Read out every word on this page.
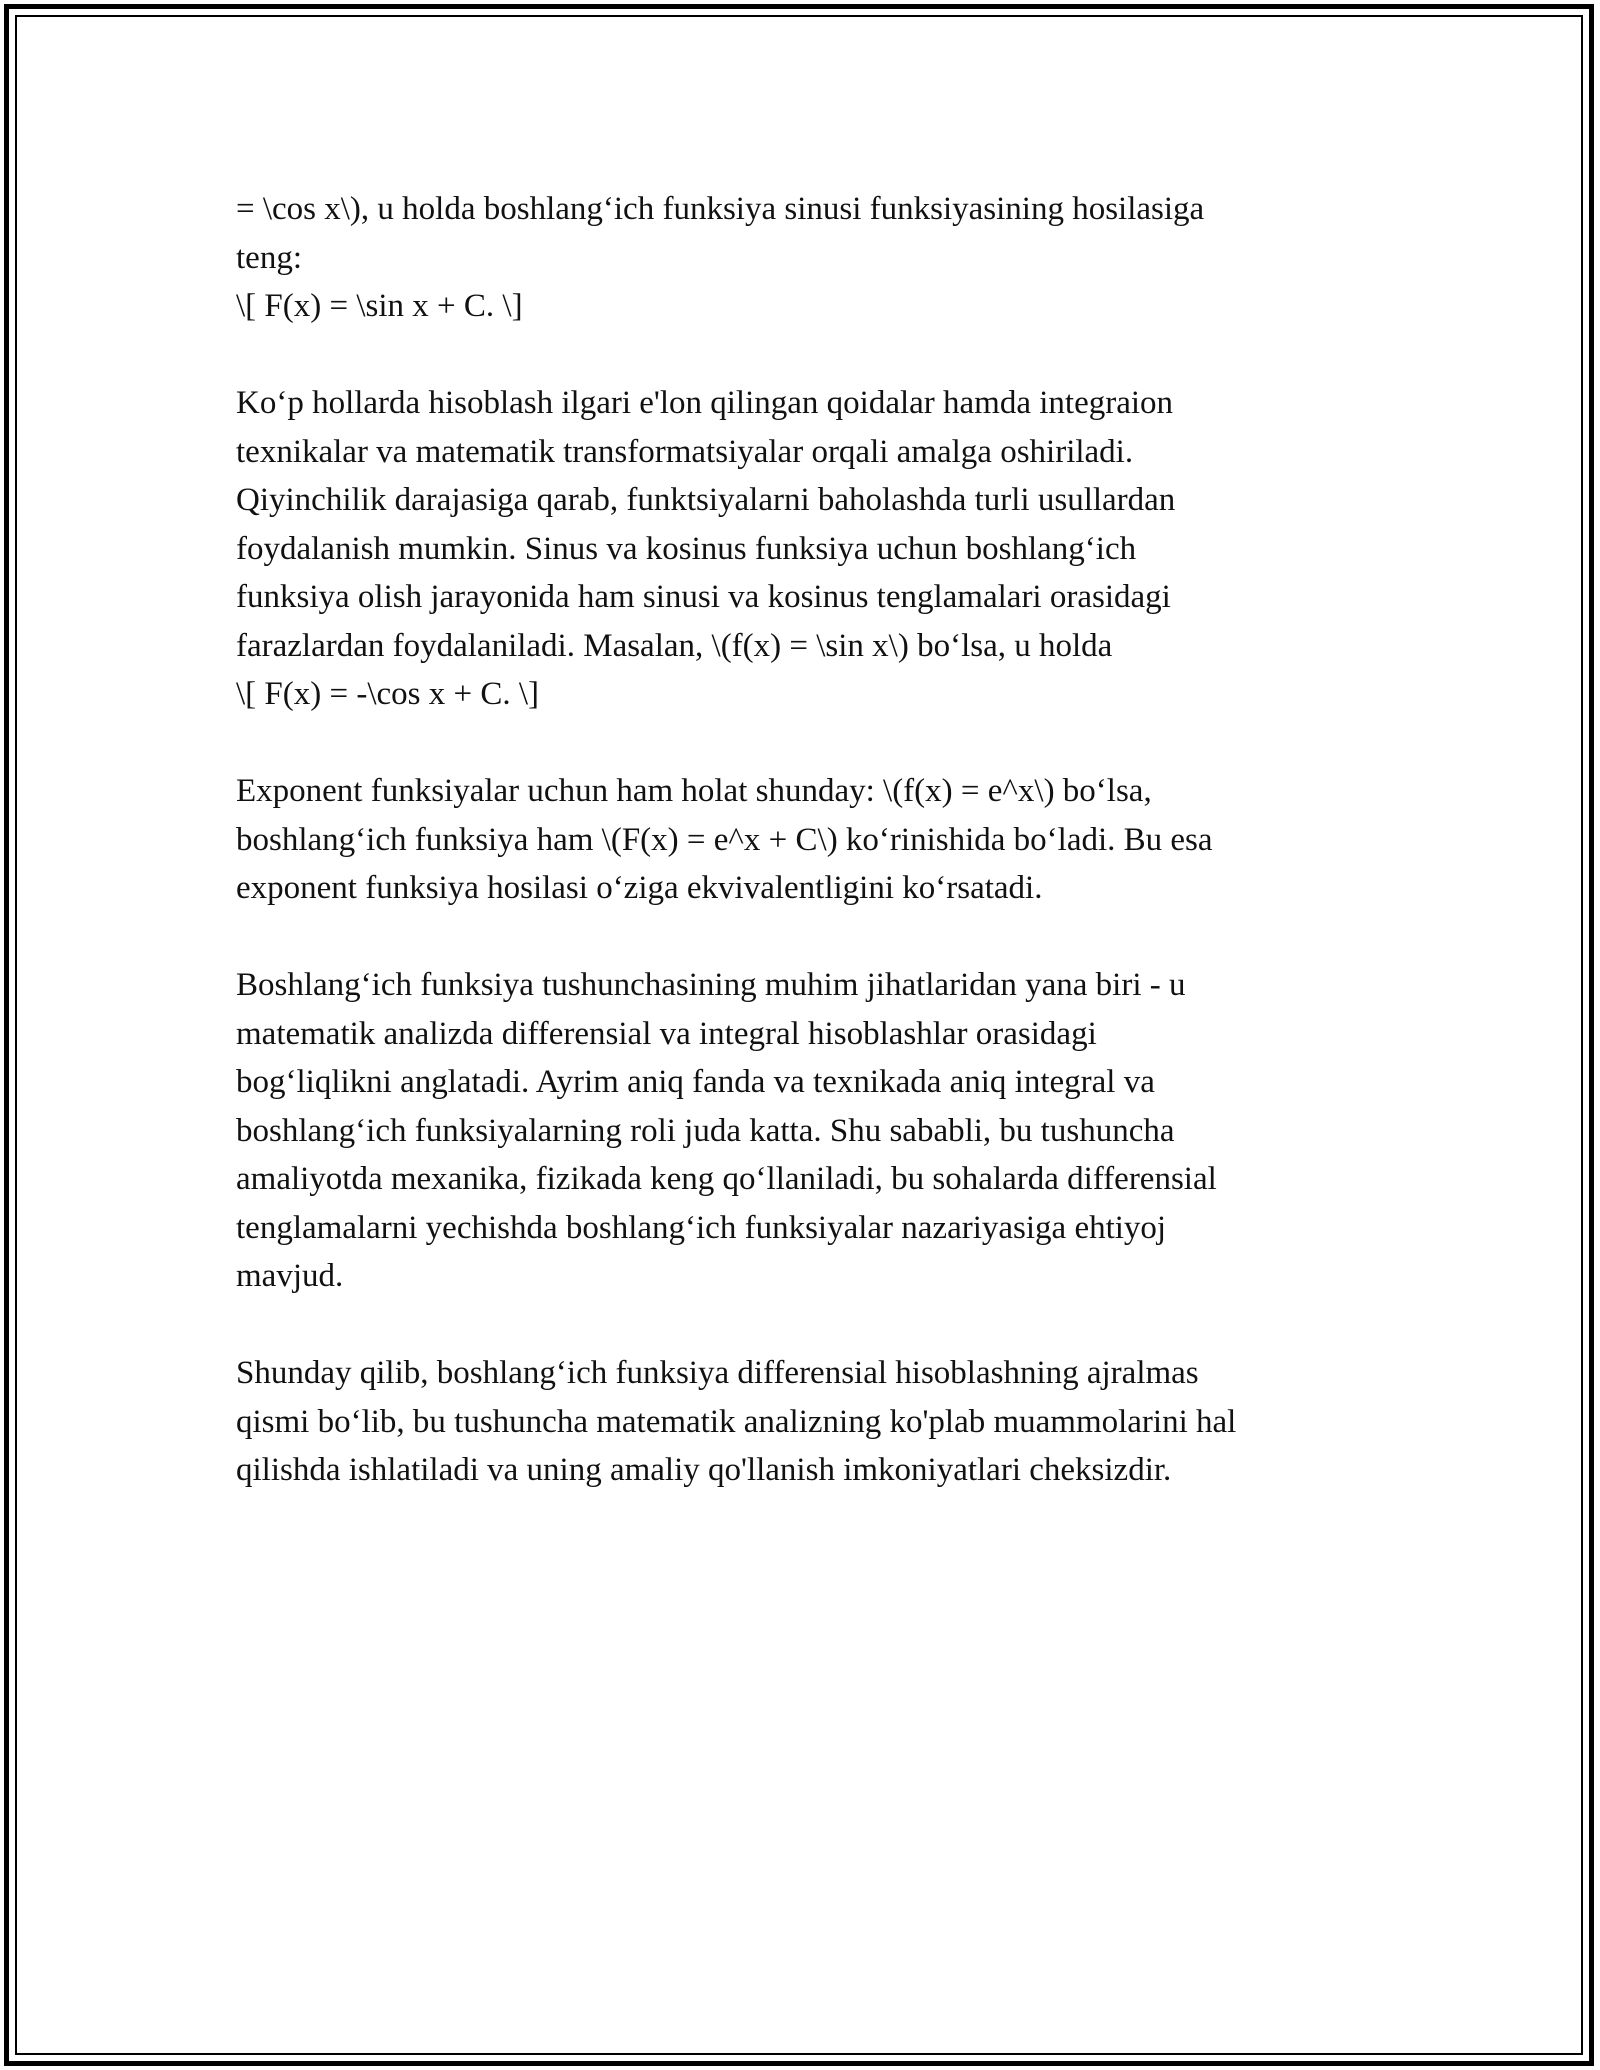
= \cos x\), u holda boshlang‘ich funksiya sinusi funksiyasining hosilasiga
teng:
\[ F(x) = \sin x + C. \]
Ko‘p hollarda hisoblash ilgari e'lon qilingan qoidalar hamda integraion
texnikalar va matematik transformatsiyalar orqali amalga oshiriladi.
Qiyinchilik darajasiga qarab, funktsiyalarni baholashda turli usullardan
foydalanish mumkin. Sinus va kosinus funksiya uchun boshlang‘ich
funksiya olish jarayonida ham sinusi va kosinus tenglamalari orasidagi
farazlardan foydalaniladi. Masalan, \(f(x) = \sin x\) bo‘lsa, u holda
\[ F(x) = -\cos x + C. \]
Exponent funksiyalar uchun ham holat shunday: \(f(x) = e^x\) bo‘lsa,
boshlang‘ich funksiya ham \(F(x) = e^x + C\) ko‘rinishida bo‘ladi. Bu esa
exponent funksiya hosilasi o‘ziga ekvivalentligini ko‘rsatadi.
Boshlang‘ich funksiya tushunchasining muhim jihatlaridan yana biri - u
matematik analizda differensial va integral hisoblashlar orasidagi
bog‘liqlikni anglatadi. Ayrim aniq fanda va texnikada aniq integral va
boshlang‘ich funksiyalarning roli juda katta. Shu sababli, bu tushuncha
amaliyotda mexanika, fizikada keng qo‘llaniladi, bu sohalarda differensial
tenglamalarni yechishda boshlang‘ich funksiyalar nazariyasiga ehtiyoj
mavjud.
Shunday qilib, boshlang‘ich funksiya differensial hisoblashning ajralmas
qismi bo‘lib, bu tushuncha matematik analizning ko'plab muammolarini hal
qilishda ishlatiladi va uning amaliy qo'llanish imkoniyatlari cheksizdir.
